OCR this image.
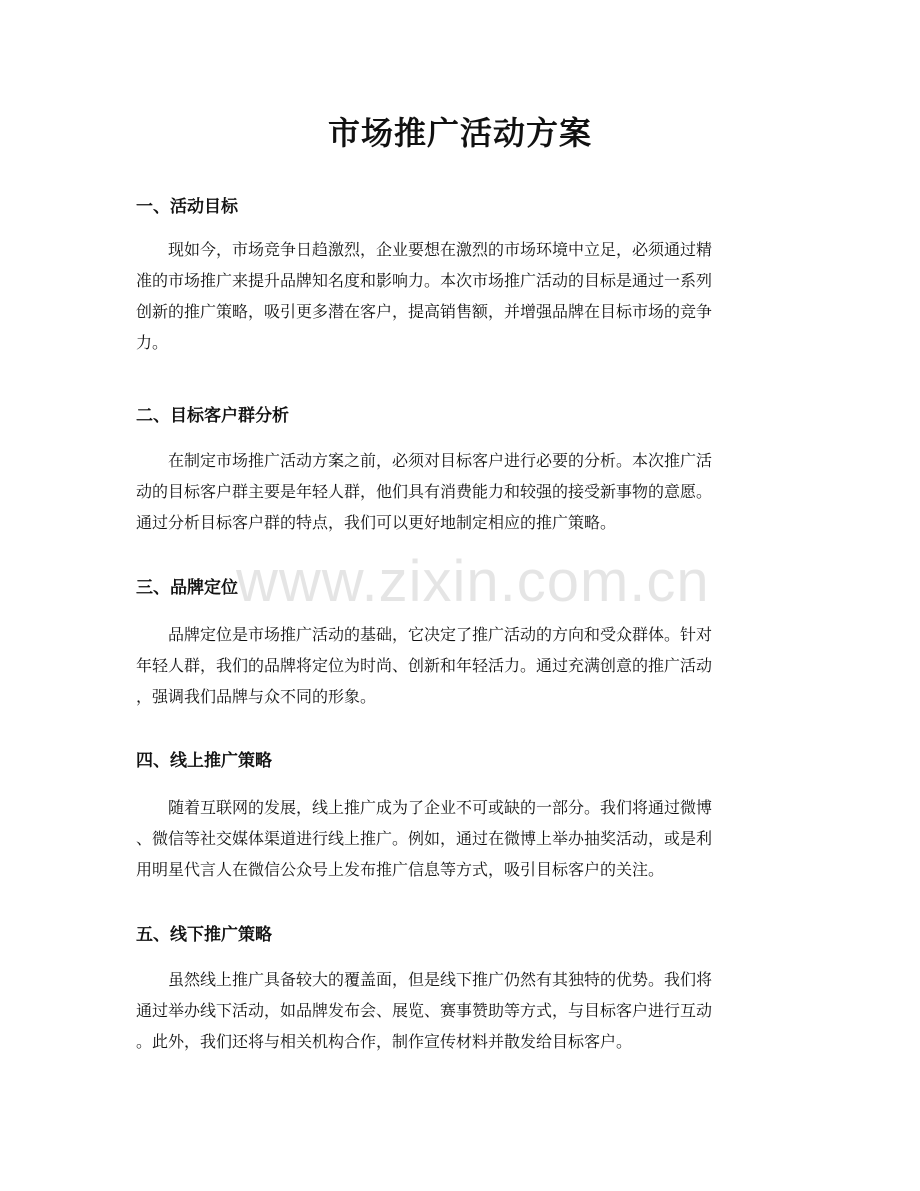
市场推广活动方案
www.zixin.com.cn
一、活动目标

现如今，市场竞争日趋激烈，企业要想在激烈的市场环境中立足，必须通过精
准的市场推广来提升品牌知名度和影响力。本次市场推广活动的目标是通过一系列
创新的推广策略，吸引更多潜在客户，提高销售额，并增强品牌在目标市场的竞争
力。

二、目标客户群分析

在制定市场推广活动方案之前，必须对目标客户进行必要的分析。本次推广活
动的目标客户群主要是年轻人群，他们具有消费能力和较强的接受新事物的意愿。
通过分析目标客户群的特点，我们可以更好地制定相应的推广策略。

三、品牌定位

品牌定位是市场推广活动的基础，它决定了推广活动的方向和受众群体。针对
年轻人群，我们的品牌将定位为时尚、创新和年轻活力。通过充满创意的推广活动
，强调我们品牌与众不同的形象。

四、线上推广策略

随着互联网的发展，线上推广成为了企业不可或缺的一部分。我们将通过微博
、微信等社交媒体渠道进行线上推广。例如，通过在微博上举办抽奖活动，或是利
用明星代言人在微信公众号上发布推广信息等方式，吸引目标客户的关注。

五、线下推广策略

虽然线上推广具备较大的覆盖面，但是线下推广仍然有其独特的优势。我们将
通过举办线下活动，如品牌发布会、展览、赛事赞助等方式，与目标客户进行互动
。此外，我们还将与相关机构合作，制作宣传材料并散发给目标客户。
